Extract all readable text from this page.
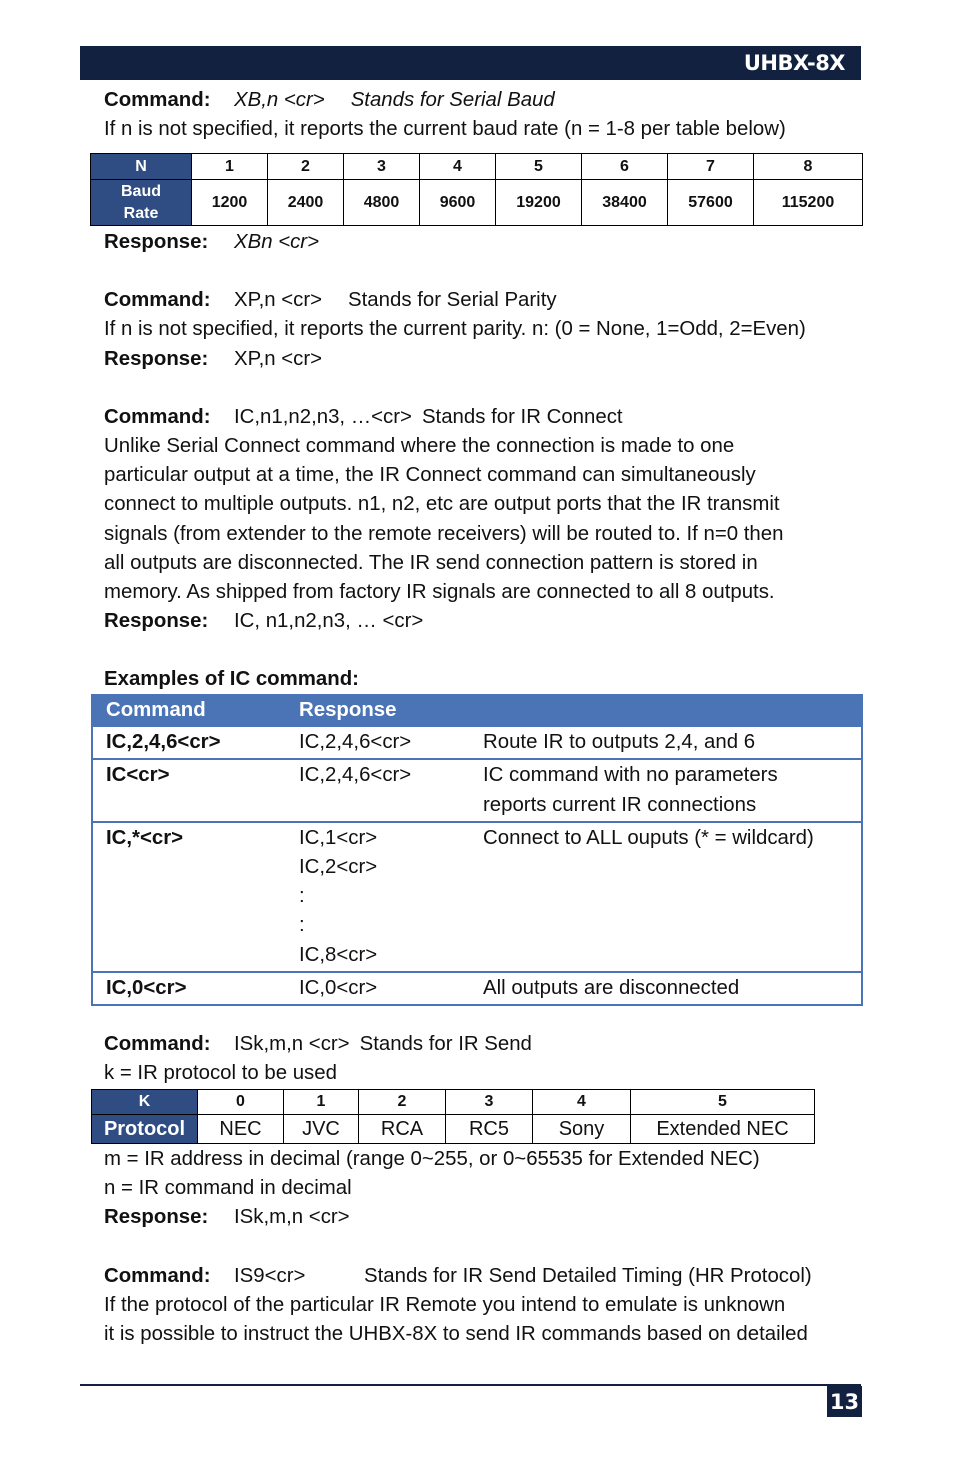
UHBX-8X
Command: XB,n <cr> Stands for Serial Baud
If n is not specified, it reports the current baud rate (n = 1-8 per table below)
N	1	2	3	4	5	6	7	8
Baud
Rate	1200	2400	4800	9600	19200	38400	57600	115200
Response: XBn <cr>
Command: XP,n <cr> Stands for Serial Parity
If n is not specified, it reports the current parity. n: (0 = None, 1=Odd, 2=Even)
Response: XP,n <cr>
Command: IC,n1,n2,n3, …<cr> Stands for IR Connect
Unlike Serial Connect command where the connection is made to one
particular output at a time, the IR Connect command can simultaneously
connect to multiple outputs. n1, n2, etc are output ports that the IR transmit
signals (from extender to the remote receivers) will be routed to. If n=0 then
all outputs are disconnected. The IR send connection pattern is stored in
memory. As shipped from factory IR signals are connected to all 8 outputs.
Response: IC, n1,n2,n3, … <cr>
Examples of IC command:
Command	Response	
IC,2,4,6<cr>	IC,2,4,6<cr>	Route IR to outputs 2,4, and 6
IC<cr>	IC,2,4,6<cr>	IC command with no parameters
reports current IR connections

IC,*<cr>	IC,1<cr>
IC,2<cr>
:
:
IC,8<cr>	Connect to ALL ouputs (* = wildcard)
IC,0<cr>	IC,0<cr>	All outputs are disconnected
Command: ISk,m,n <cr> Stands for IR Send
k = IR protocol to be used
K	0	1	2	3	4	5
Protocol	NEC	JVC	RCA	RC5	Sony	Extended NEC
m = IR address in decimal (range 0~255, or 0~65535 for Extended NEC)
n = IR command in decimal
Response: ISk,m,n <cr>
Command: IS9<cr>	Stands for IR Send Detailed Timing (HR Protocol)
If the protocol of the particular IR Remote you intend to emulate is unknown
it is possible to instruct the UHBX-8X to send IR commands based on detailed
13
